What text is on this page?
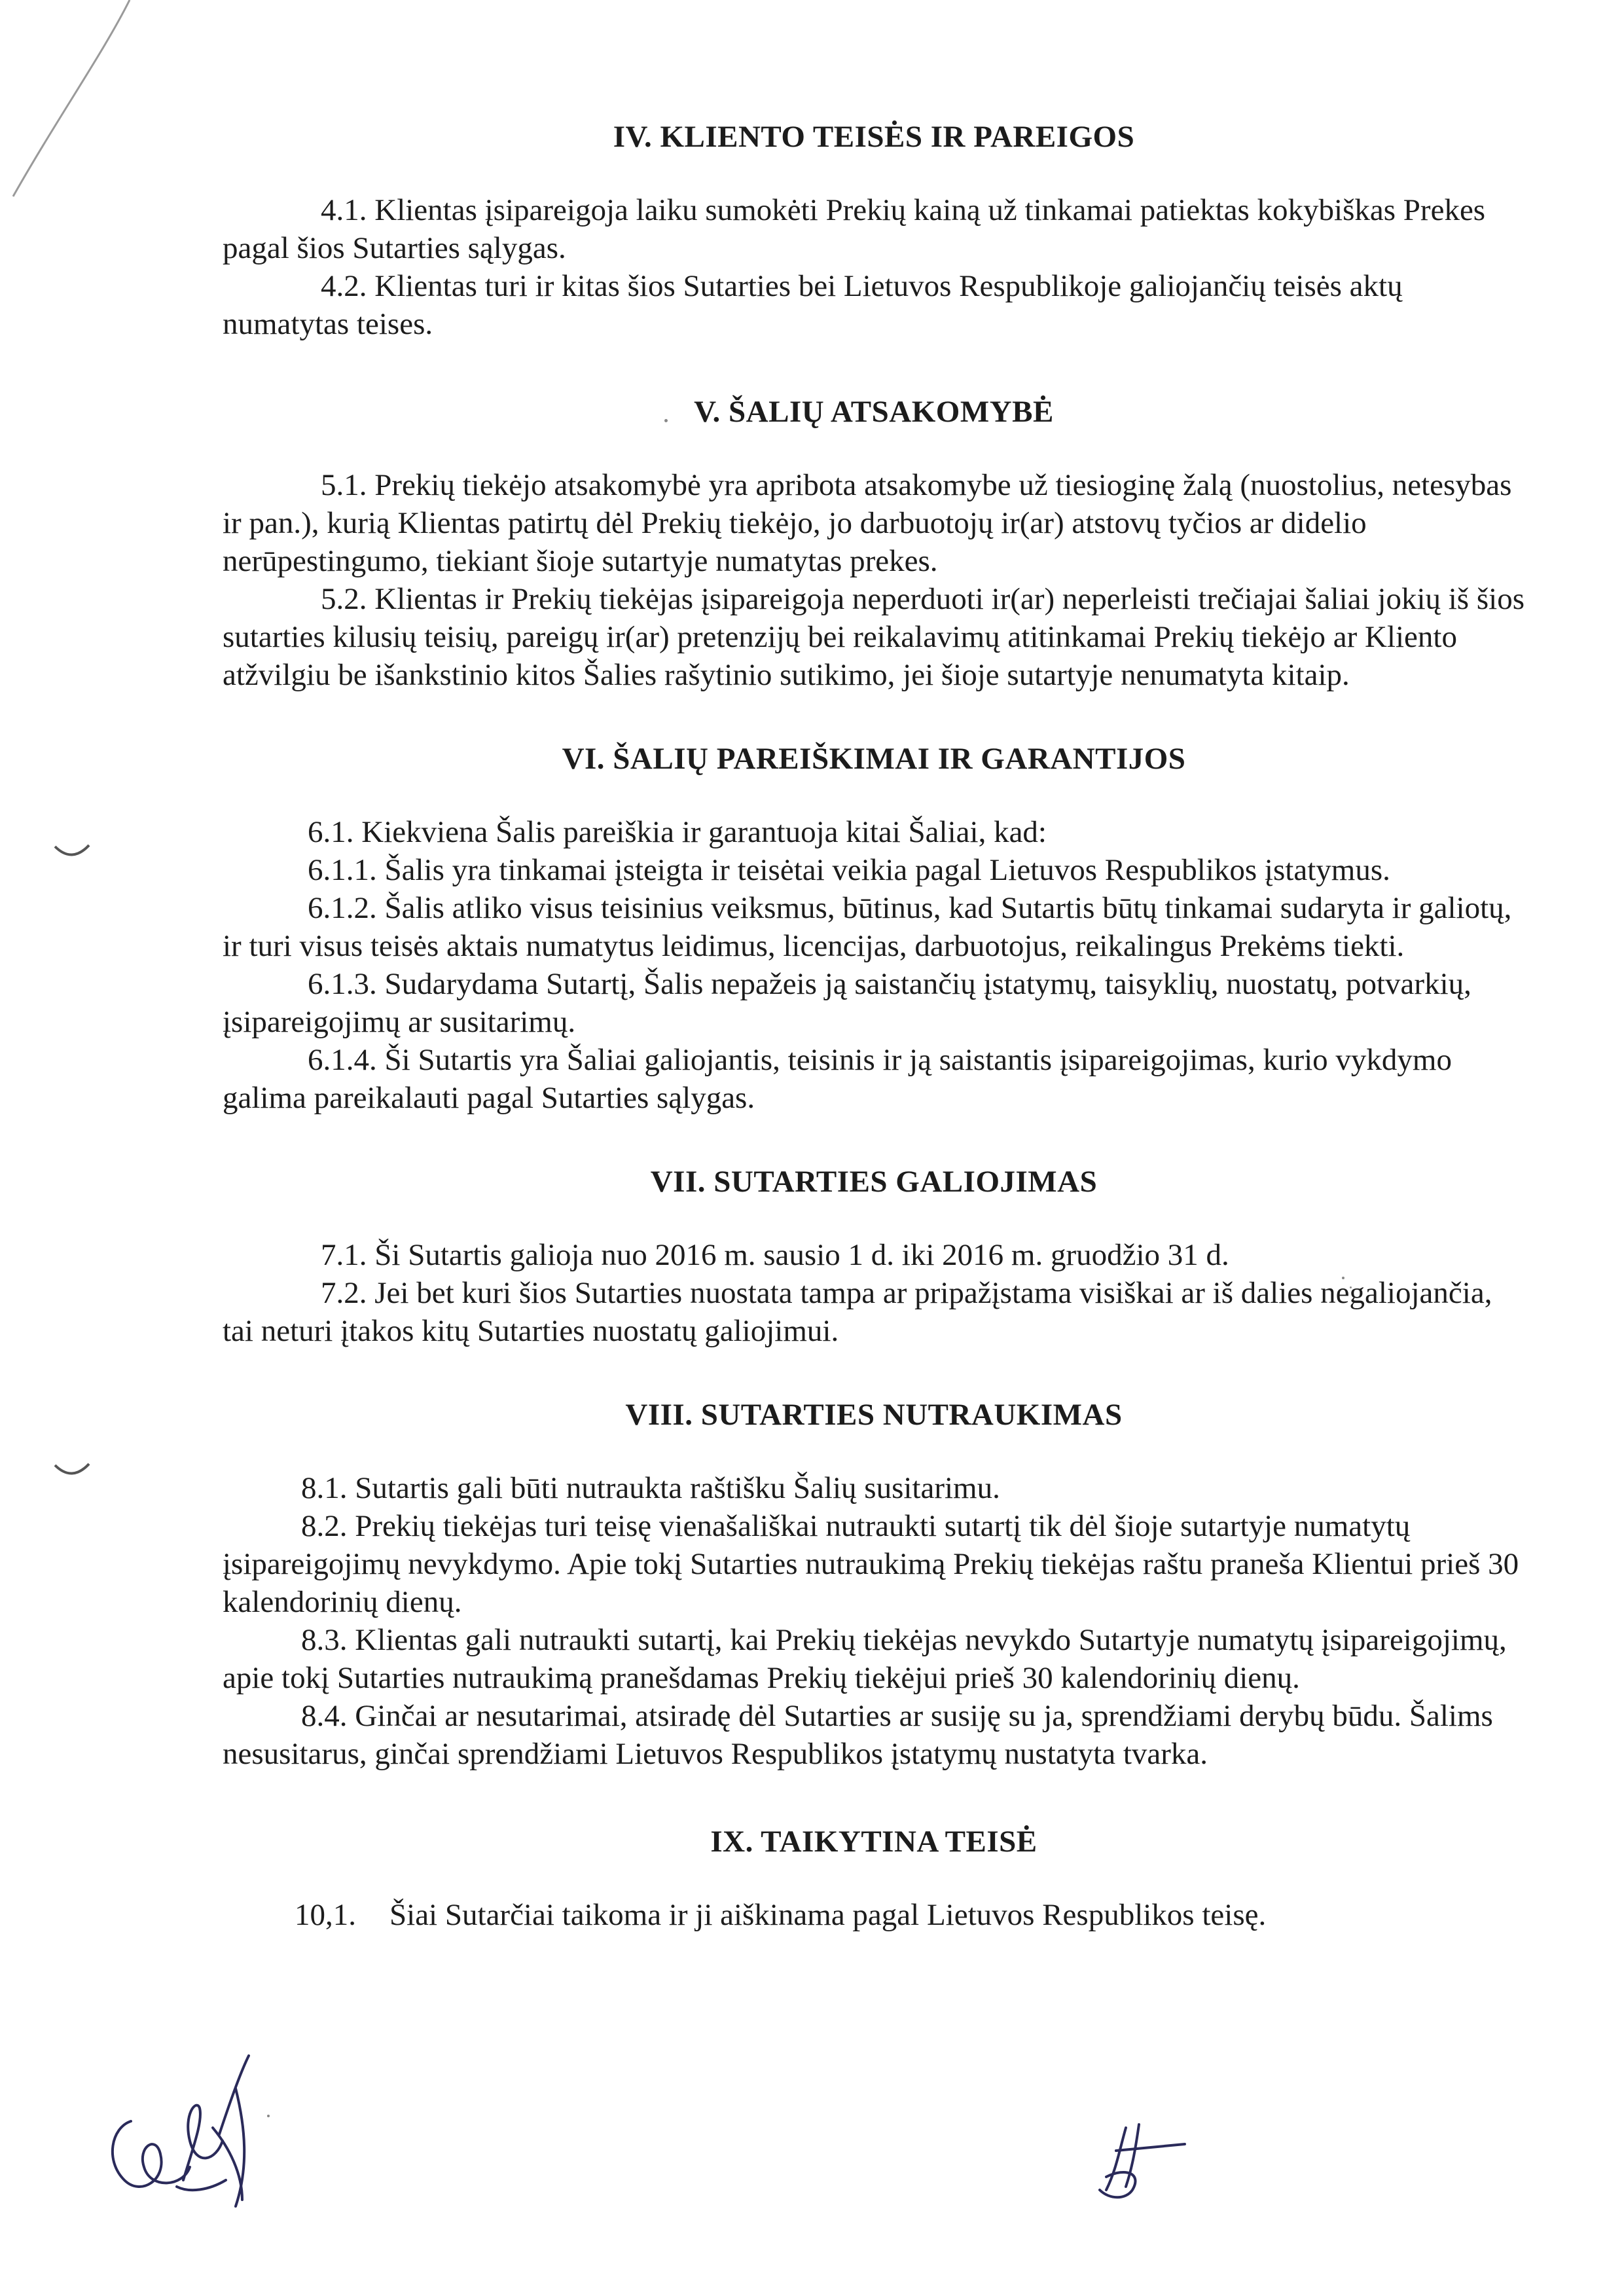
IV. KLIENTO TEISĖS IR PAREIGOS

4.1. Klientas įsipareigoja laiku sumokėti Prekių kainą už tinkamai patiektas kokybiškas Prekes pagal šios Sutarties sąlygas.

4.2. Klientas turi ir kitas šios Sutarties bei Lietuvos Respublikoje galiojančių teisės aktų numatytas teises.

V. ŠALIŲ ATSAKOMYBĖ

5.1. Prekių tiekėjo atsakomybė yra apribota atsakomybe už tiesioginę žalą (nuostolius, netesybas ir pan.), kurią Klientas patirtų dėl Prekių tiekėjo, jo darbuotojų ir(ar) atstovų tyčios ar didelio nerūpestingumo, tiekiant šioje sutartyje numatytas prekes.

5.2. Klientas ir Prekių tiekėjas įsipareigoja neperduoti ir(ar) neperleisti trečiajai šaliai jokių iš šios sutarties kilusių teisių, pareigų ir(ar) pretenzijų bei reikalavimų atitinkamai Prekių tiekėjo ar Kliento atžvilgiu be išankstinio kitos Šalies rašytinio sutikimo, jei šioje sutartyje nenumatyta kitaip.

VI. ŠALIŲ PAREIŠKIMAI IR GARANTIJOS

6.1. Kiekviena Šalis pareiškia ir garantuoja kitai Šaliai, kad:

6.1.1. Šalis yra tinkamai įsteigta ir teisėtai veikia pagal Lietuvos Respublikos įstatymus.

6.1.2. Šalis atliko visus teisinius veiksmus, būtinus, kad Sutartis būtų tinkamai sudaryta ir galiotų, ir turi visus teisės aktais numatytus leidimus, licencijas, darbuotojus, reikalingus Prekėms tiekti.

6.1.3. Sudarydama Sutartį, Šalis nepažeis ją saistančių įstatymų, taisyklių, nuostatų, potvarkių, įsipareigojimų ar susitarimų.

6.1.4. Ši Sutartis yra Šaliai galiojantis, teisinis ir ją saistantis įsipareigojimas, kurio vykdymo galima pareikalauti pagal Sutarties sąlygas.

VII. SUTARTIES GALIOJIMAS

7.1. Ši Sutartis galioja nuo 2016 m. sausio 1 d. iki 2016 m. gruodžio 31 d.

7.2. Jei bet kuri šios Sutarties nuostata tampa ar pripažįstama visiškai ar iš dalies negaliojančia, tai neturi įtakos kitų Sutarties nuostatų galiojimui.

VIII. SUTARTIES NUTRAUKIMAS

8.1. Sutartis gali būti nutraukta raštišku Šalių susitarimu.

8.2. Prekių tiekėjas turi teisę vienašališkai nutraukti sutartį tik dėl šioje sutartyje numatytų įsipareigojimų nevykdymo. Apie tokį Sutarties nutraukimą Prekių tiekėjas raštu praneša Klientui prieš 30 kalendorinių dienų.

8.3. Klientas gali nutraukti sutartį, kai Prekių tiekėjas nevykdo Sutartyje numatytų įsipareigojimų, apie tokį Sutarties nutraukimą pranešdamas Prekių tiekėjui prieš 30 kalendorinių dienų.

8.4. Ginčai ar nesutarimai, atsiradę dėl Sutarties ar susiję su ja, sprendžiami derybų būdu. Šalims nesusitarus, ginčai sprendžiami Lietuvos Respublikos įstatymų nustatyta tvarka.

IX. TAIKYTINA TEISĖ

10,1. Šiai Sutarčiai taikoma ir ji aiškinama pagal Lietuvos Respublikos teisę.
